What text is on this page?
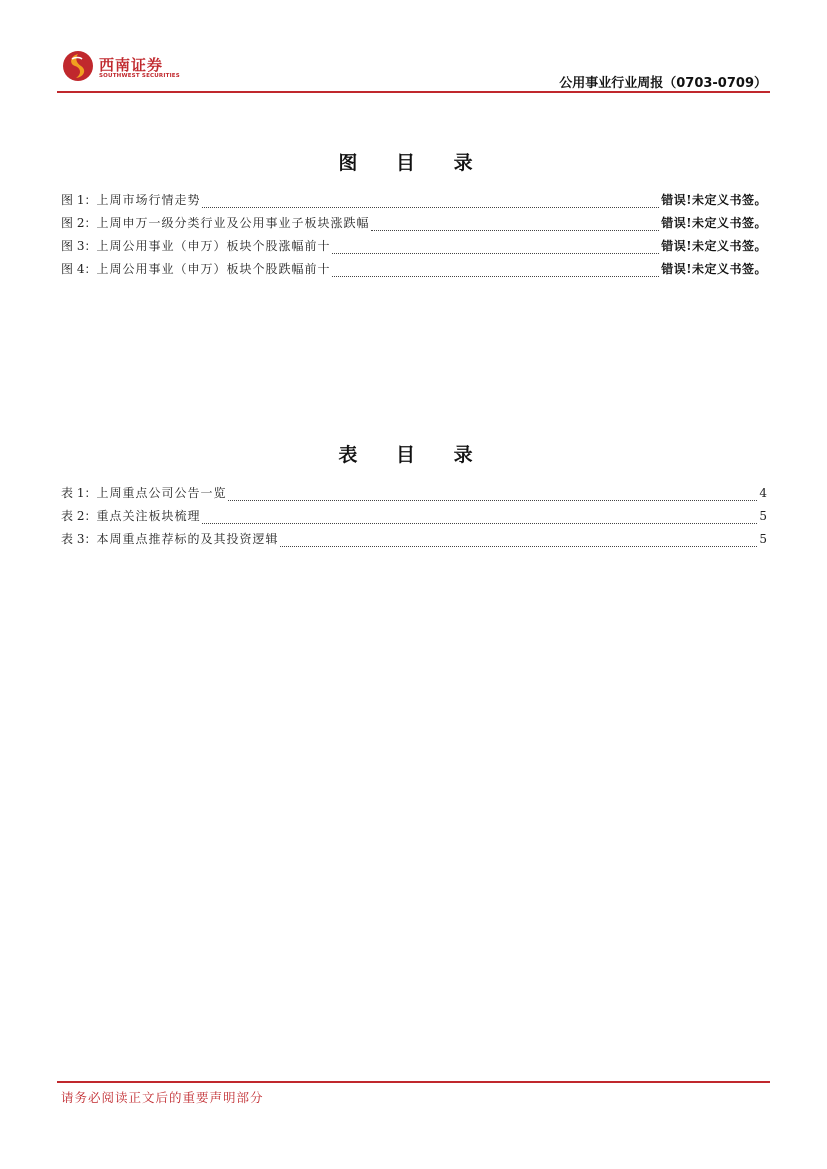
西南证券
SOUTHWEST SECURITIES	公用事业行业周报（0703-0709）
图 目 录
图 1： 上周市场行情走势	错误!未定义书签。
图 2： 上周申万一级分类行业及公用事业子板块涨跌幅	错误!未定义书签。
图 3： 上周公用事业（申万）板块个股涨幅前十	错误!未定义书签。
图 4： 上周公用事业（申万）板块个股跌幅前十	错误!未定义书签。
表 目 录
表 1： 上周重点公司公告一览	4
表 2： 重点关注板块梳理	5
表 3： 本周重点推荐标的及其投资逻辑	5
请务必阅读正文后的重要声明部分
